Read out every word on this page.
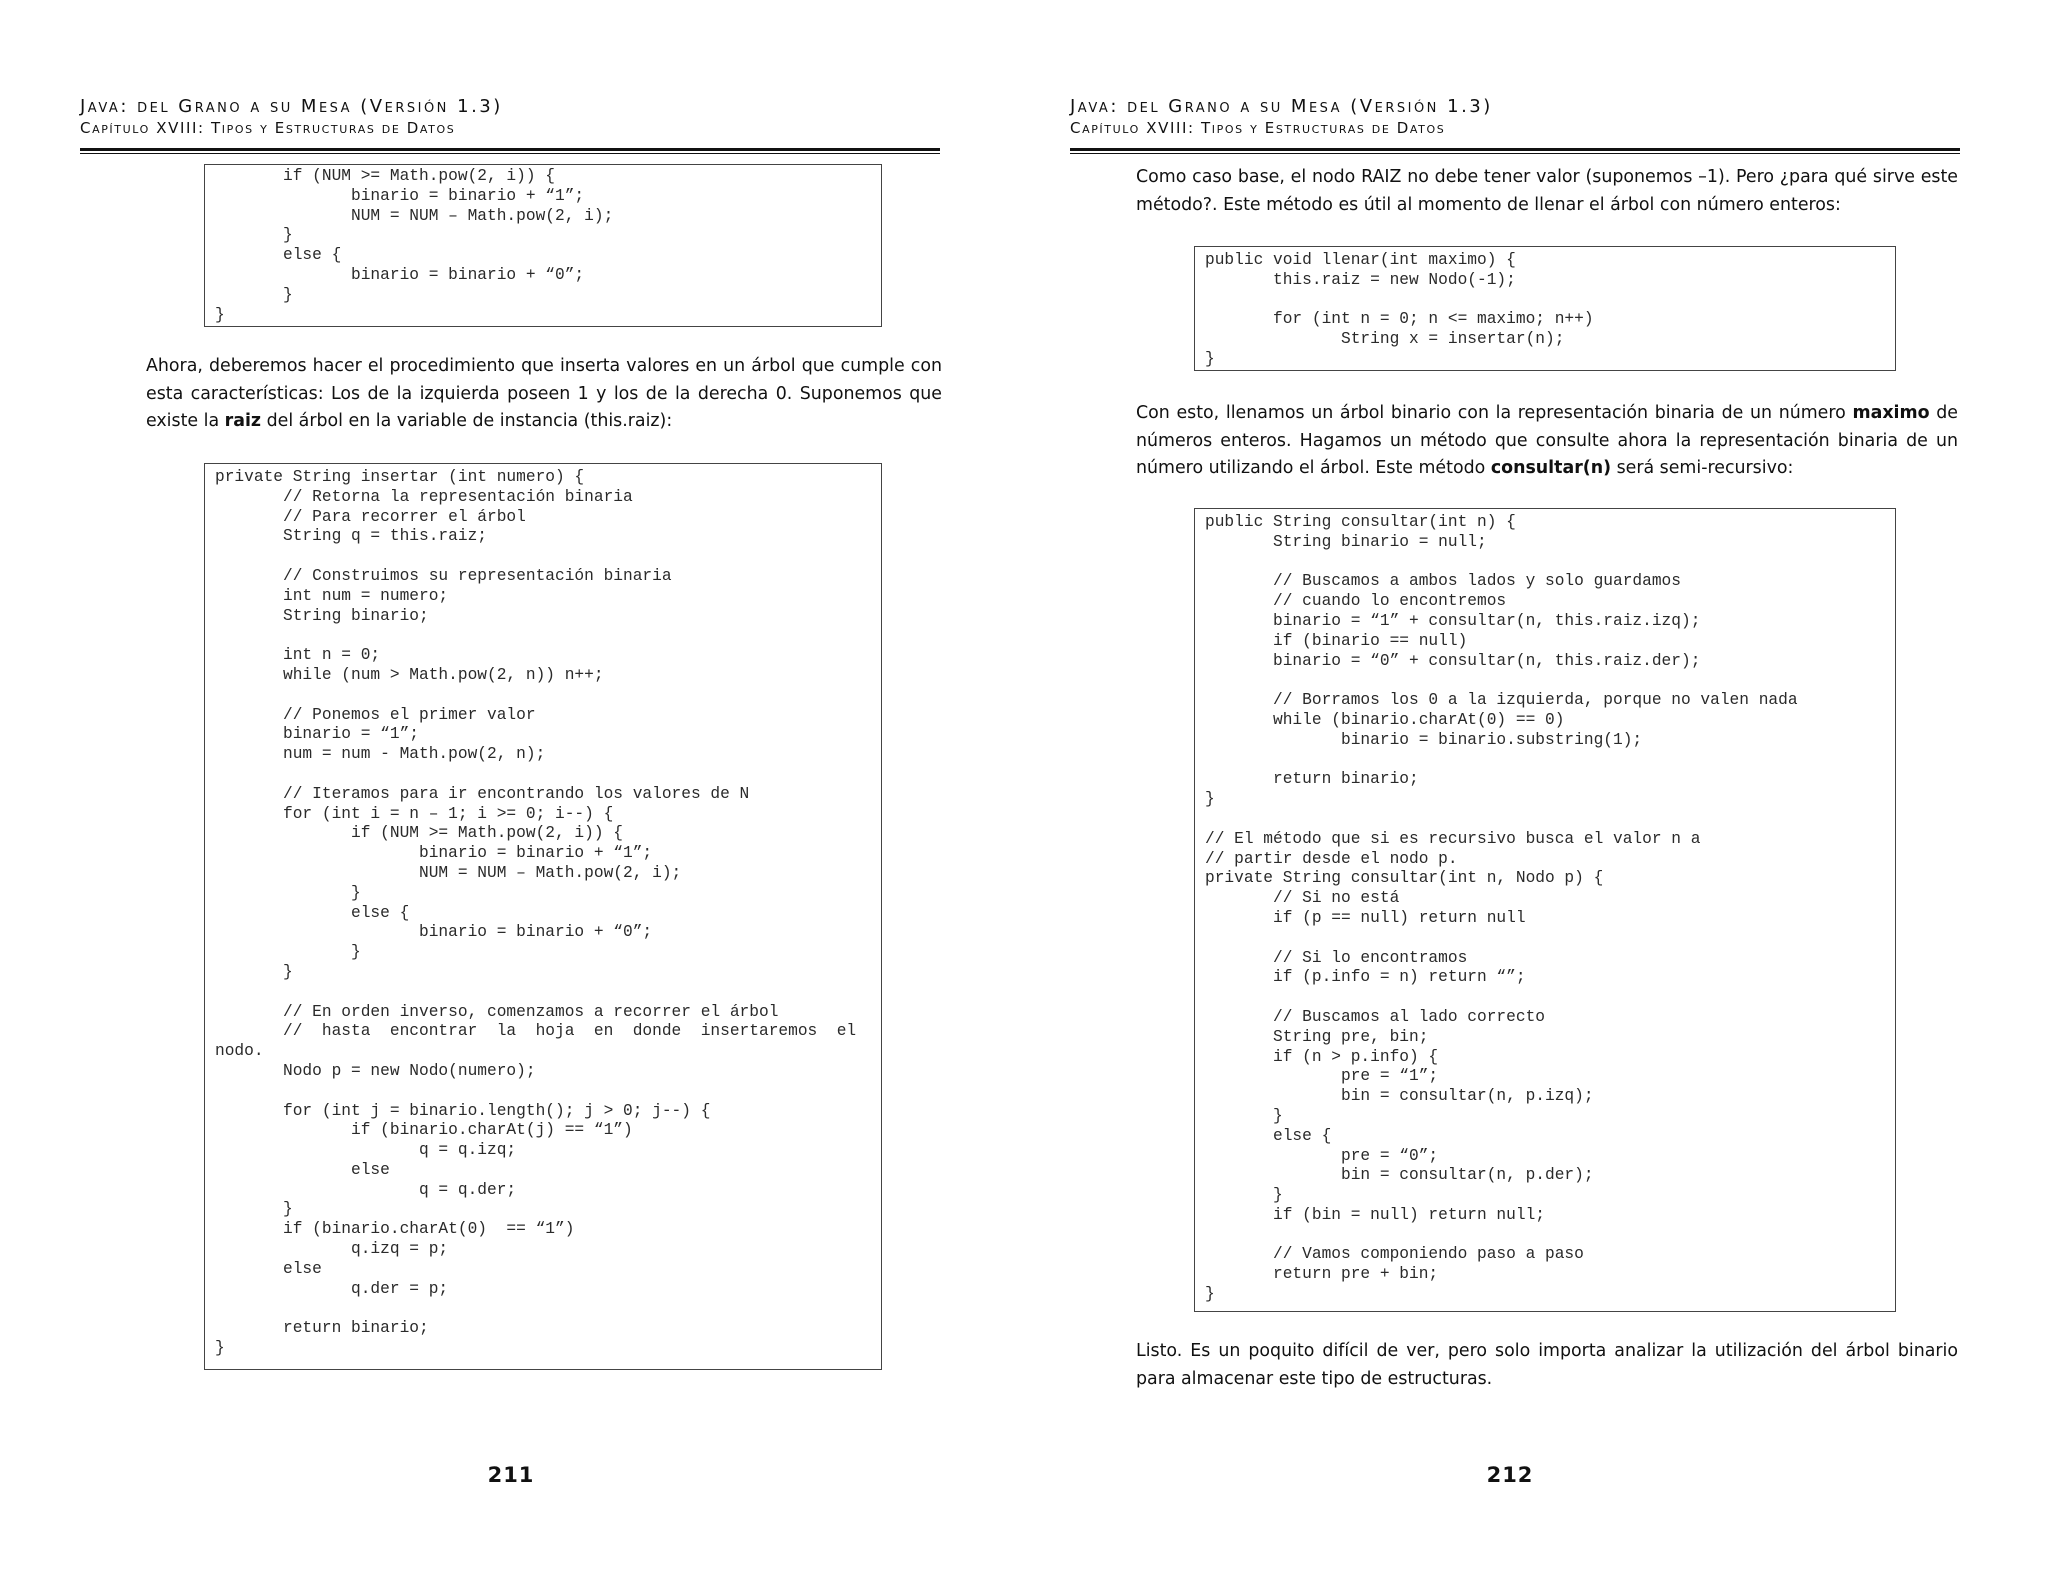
Java: del Grano a su Mesa (Versión 1.3)
Capítulo XVIII: Tipos y Estructuras de Datos
if (NUM >= Math.pow(2, i)) {
binario = binario + “1”;
NUM = NUM – Math.pow(2, i);
}
else {
binario = binario + “0”;
}
}

Ahora, deberemos hacer el procedimiento que inserta valores en un árbol que cumple con esta características: Los de la izquierda poseen 1 y los de la derecha 0. Suponemos que existe la raiz del árbol en la variable de instancia (this.raiz):

private String insertar (int numero) {
// Retorna la representación binaria
// Para recorrer el árbol
String q = this.raiz;
// Construimos su representación binaria
int num = numero;
String binario;
int n = 0;
while (num > Math.pow(2, n)) n++;
// Ponemos el primer valor
binario = “1”;
num = num - Math.pow(2, n);
// Iteramos para ir encontrando los valores de N
for (int i = n – 1; i >= 0; i--) {
if (NUM >= Math.pow(2, i)) {
binario = binario + “1”;
NUM = NUM – Math.pow(2, i);
}
else {
binario = binario + “0”;
}
}
// En orden inverso, comenzamos a recorrer el árbol
//  hasta  encontrar  la  hoja  en  donde  insertaremos  el
nodo.
Nodo p = new Nodo(numero);
for (int j = binario.length(); j > 0; j--) {
if (binario.charAt(j) == “1”)
q = q.izq;
else
q = q.der;
}
if (binario.charAt(0)  == “1”)
q.izq = p;
else
q.der = p;
return binario;
}
211
Java: del Grano a su Mesa (Versión 1.3)
Capítulo XVIII: Tipos y Estructuras de Datos

Como caso base, el nodo RAIZ no debe tener valor (suponemos –1). Pero ¿para qué sirve este método?. Este método es útil al momento de llenar el árbol con número enteros:

public void llenar(int maximo) {
this.raiz = new Nodo(-1);
for (int n = 0; n <= maximo; n++)
String x = insertar(n);
}

Con esto, llenamos un árbol binario con la representación binaria de un número maximo de números enteros. Hagamos un método que consulte ahora la representación binaria de un número utilizando el árbol. Este método consultar(n) será semi-recursivo:

public String consultar(int n) {
String binario = null;
// Buscamos a ambos lados y solo guardamos
// cuando lo encontremos
binario = “1” + consultar(n, this.raiz.izq);
if (binario == null)
binario = “0” + consultar(n, this.raiz.der);
// Borramos los 0 a la izquierda, porque no valen nada
while (binario.charAt(0) == 0)
binario = binario.substring(1);
return binario;
}
// El método que si es recursivo busca el valor n a
// partir desde el nodo p.
private String consultar(int n, Nodo p) {
// Si no está
if (p == null) return null
// Si lo encontramos
if (p.info = n) return “”;
// Buscamos al lado correcto
String pre, bin;
if (n > p.info) {
pre = “1”;
bin = consultar(n, p.izq);
}
else {
pre = “0”;
bin = consultar(n, p.der);
}
if (bin = null) return null;
// Vamos componiendo paso a paso
return pre + bin;
}

Listo. Es un poquito difícil de ver, pero solo importa analizar la utilización del árbol binario para almacenar este tipo de estructuras.

212
